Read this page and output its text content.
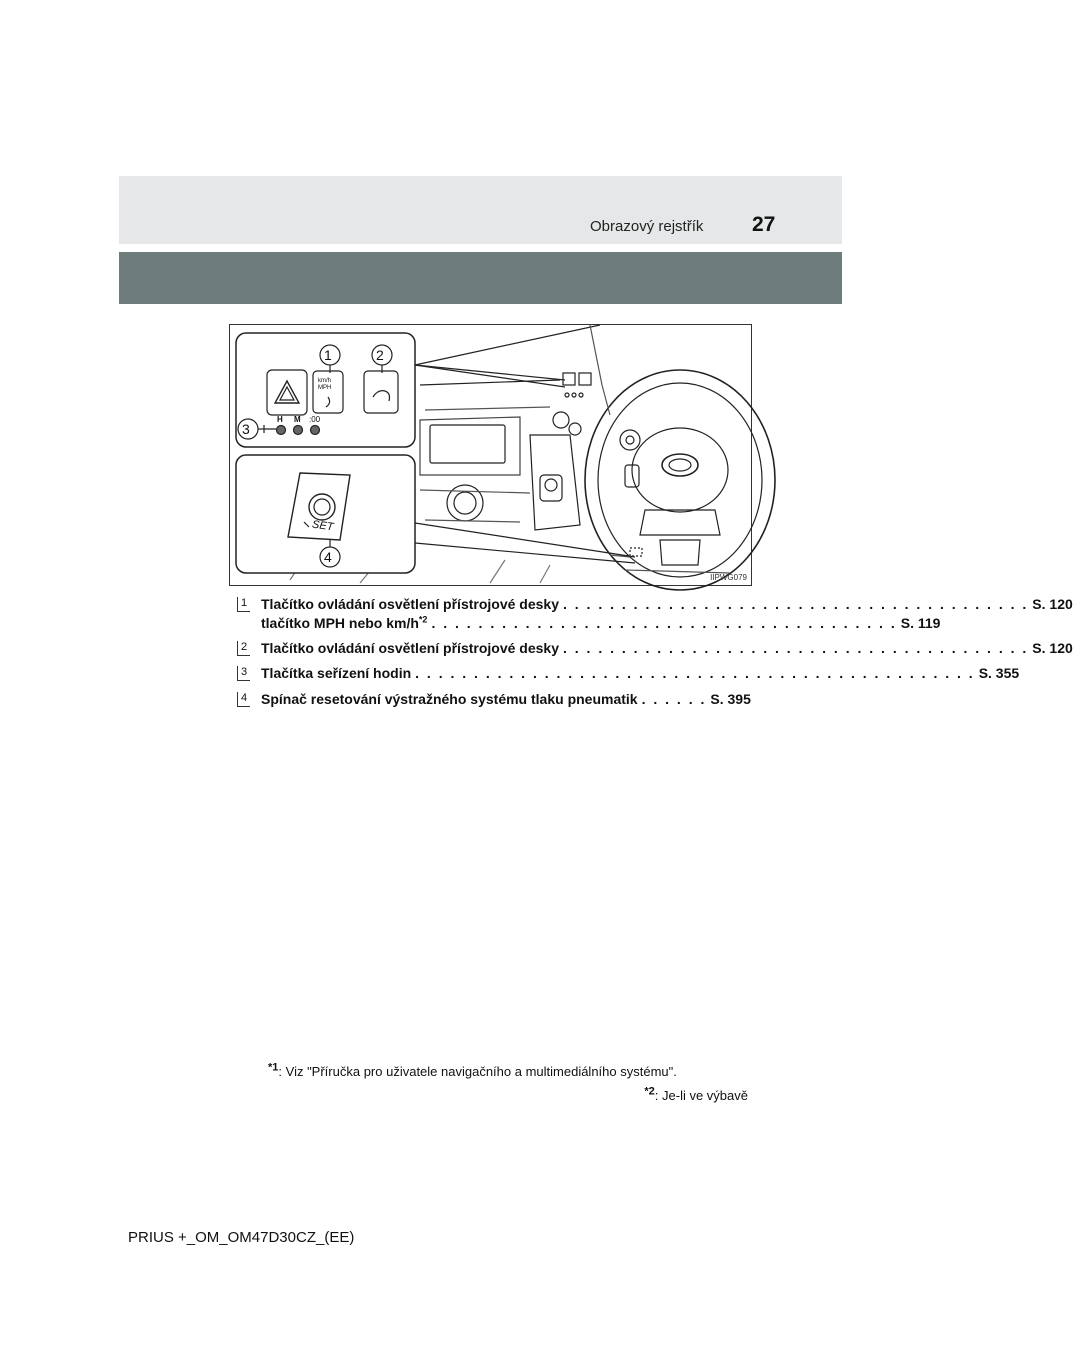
Obrazový rejstřík 27
1	2
3
4
km/h
MPH
H M :00
SET
IIPWG079
1 Tlačítko ovládání osvětlení přístrojové desky . . . . . . . . . . . . . . . . . . . . . . . . . . . . . . . . . . . . . . . . S. 120
tlačítko MPH nebo $km/h^{*2}$ . . . . . . . . . . . . . . . . . . . . . . . . . . . . . . . . . . . . . . . . S. 119
2 Tlačítko ovládání osvětlení přístrojové desky . . . . . . . . . . . . . . . . . . . . . . . . . . . . . . . . . . . . . . . . S. 120
3 Tlačítka seřízení hodin . . . . . . . . . . . . . . . . . . . . . . . . . . . . . . . . . . . . . . . . . . . . . . . . S. 355
4 Spínač resetování výstražného systému tlaku pneumatik . . . . . . S. 395
$^{*1}$: Viz "Příručka pro uživatele navigačního a multimediálního systému".
$^{*2}$: Je-li ve výbavě
PRIUS +_OM_OM47D30CZ_(EE)
